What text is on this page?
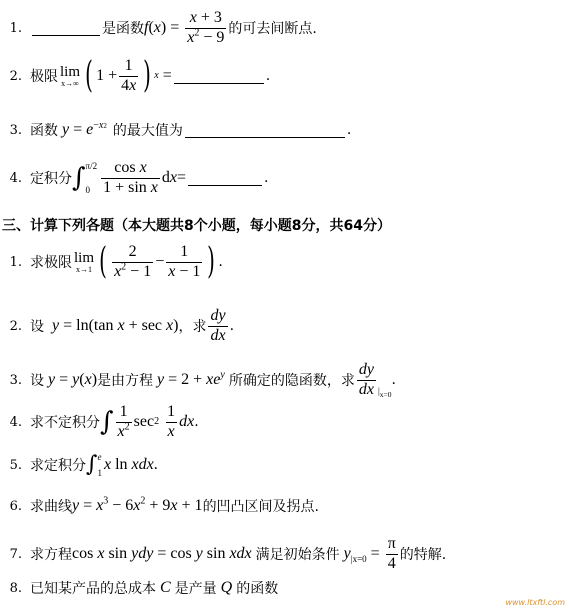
1.	是函数 $f(x) = \frac{x + 3}{x^2 - 9}$ 的可去间断点.
2. 极限 lim
x→∞ ( $1 + \frac{1}{4x}$ ) x =	.
3. 函数 $y = e^{-x2}$ 的最大值为	.
4. 定积分 ∫ π/2
$0 \frac{\text{cos x}}{\text{1 + sin x}}$ d x =	.
三、计算下列各题（本大题共8个小题，每小题8分，共64分）
1. 求极限 lim
x→1 ( $\frac{2}{x^2 - 1} - \frac{1}{x - 1}$ ) .
2. 设 y = ln(tan x + sec x) ，求 $\frac{dy}{dx}$ .
3. 设 y = y(x) 是由方程 $y = 2 + xe^y$ 所确定的隐函数，求 $\frac{dy}{dx} _{|_{x=0}}$
.
4. 求不定积分 ∫ $\frac{1}{x^2}$ sec 2
$\frac{1}{x}$ dx .
5. 求定积分 ∫ e
1 x ln xdx .
6. 求曲线 $y = x^3 - 6x^2 + 9x + 1$ 的凹凸区间及拐点.
7. 求方程 cos x sin ydy = cos y sin xdx 满足初始条件 $y_{|x=0} = \frac{\pi}{4}$ 的特解.
8. 已知某产品的总成本 C 是产量 Q 的函数
www.ltxftl.com
